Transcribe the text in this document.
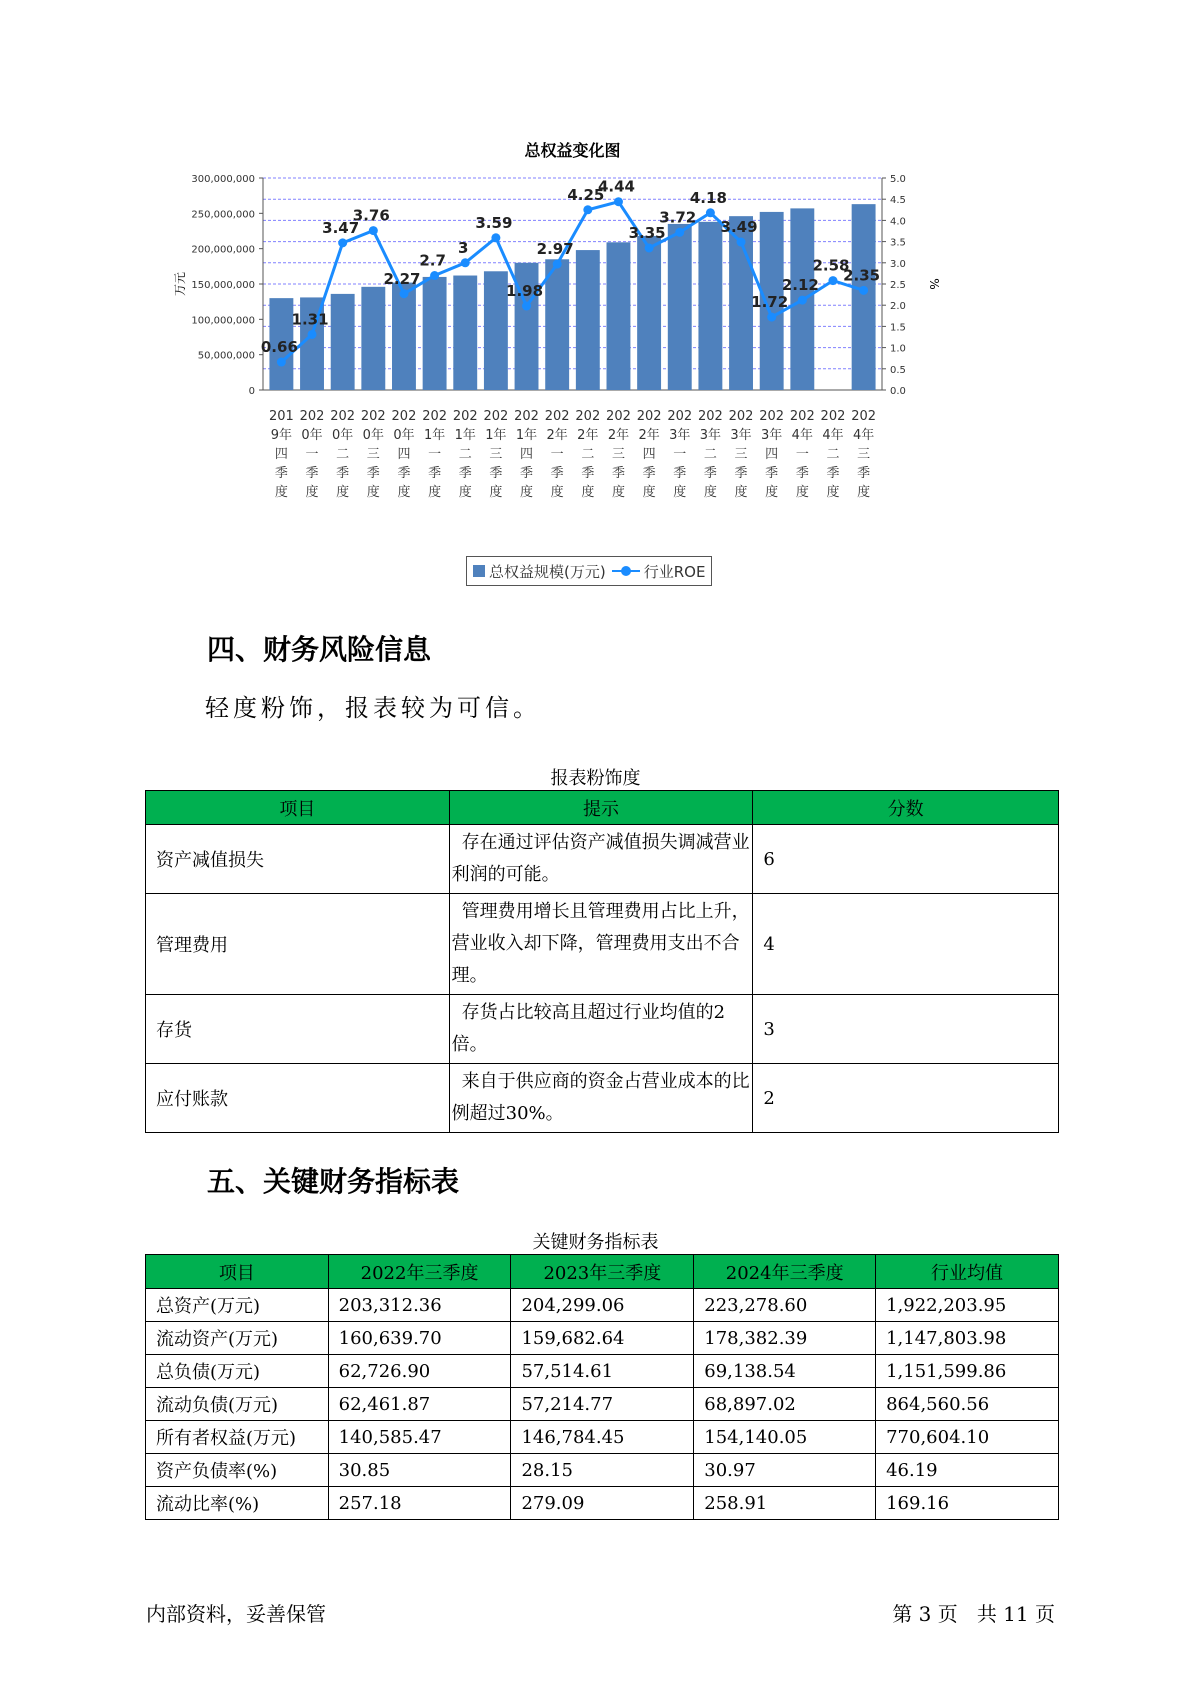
总权益变化图
0.0
0.5
1.0
1.5
2.0
2.5
3.0
3.5
4.0
4.5
5.0
0
50,000,000
100,000,000
150,000,000
200,000,000
250,000,000
300,000,000
万元	%
0.66
1.31
3.47
3.76
2.27
2.7
3
3.59
1.98
2.97
4.25
4.44
3.35
3.72
4.18
3.49
1.72
2.12
2.58
2.35
201
9年
四
季
度
202
0年
一
季
度
202
0年
二
季
度
202
0年
三
季
度
202
0年
四
季
度
202
1年
一
季
度
202
1年
二
季
度
202
1年
三
季
度
202
1年
四
季
度
202
2年
一
季
度
202
2年
二
季
度
202
2年
三
季
度
202
2年
四
季
度
202
3年
一
季
度
202
3年
二
季
度
202
3年
三
季
度
202
3年
四
季
度
202
4年
一
季
度
202
4年
二
季
度
202
4年
三
季
度
总权益规模(万元)	行业ROE
四、财务风险信息
轻度粉饰，报表较为可信。
报表粉饰度
项目	提示	分数
资产减值损失	存在通过评估资产减值损失调减营业利润的可能。	6
管理费用	管理费用增长且管理费用占比上升，营业收入却下降，管理费用支出不合理。	4
存货	存货占比较高且超过行业均值的2倍。	3
应付账款	来自于供应商的资金占营业成本的比例超过30%。	2
五、关键财务指标表
关键财务指标表
项目	2022年三季度	2023年三季度	2024年三季度	行业均值
总资产(万元)	203,312.36	204,299.06	223,278.60	1,922,203.95
流动资产(万元)	160,639.70	159,682.64	178,382.39	1,147,803.98
总负债(万元)	62,726.90	57,514.61	69,138.54	1,151,599.86
流动负债(万元)	62,461.87	57,214.77	68,897.02	864,560.56
所有者权益(万元)	140,585.47	146,784.45	154,140.05	770,604.10
资产负债率(%)	30.85	28.15	30.97	46.19
流动比率(%)	257.18	279.09	258.91	169.16
内部资料，妥善保管	第 3 页   共 11 页
